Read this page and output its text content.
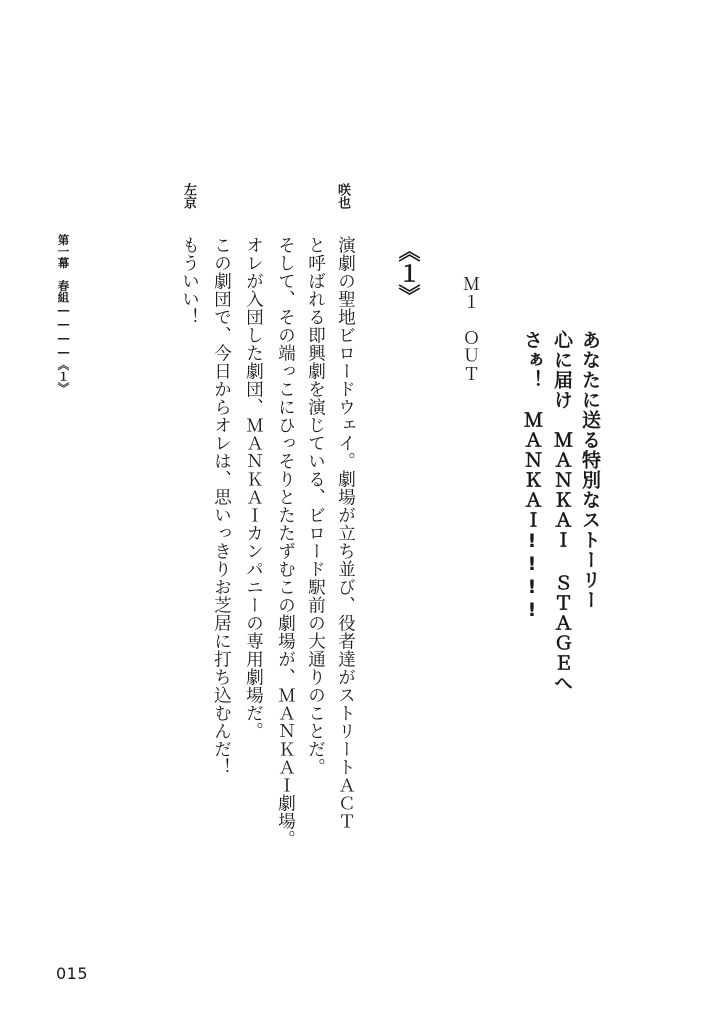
あなたに送る特別なストーリー
心に届け　ＭＡＮＫＡＩ ＳＴＡＧＥへ
さぁ！　ＭＡＮＫＡＩ!!!!
Ｍ１　ＯＵＴ
《１》
咲也
左京
演劇の聖地ビロードウェイ。劇場が立ち並び、役者達がストリートＡＣＴ
と呼ばれる即興劇を演じている、ビロード駅前の大通りのことだ。
そして、その端っこにひっそりとたたずむこの劇場が、ＭＡＮＫＡＩ劇場。
オレが入団した劇団、ＭＡＮＫＡＩカンパニーの専用劇場だ。
この劇団で、今日からオレは、思いっきりお芝居に打ち込むんだ！
もういい！
第一幕　春組――――《１》
015
